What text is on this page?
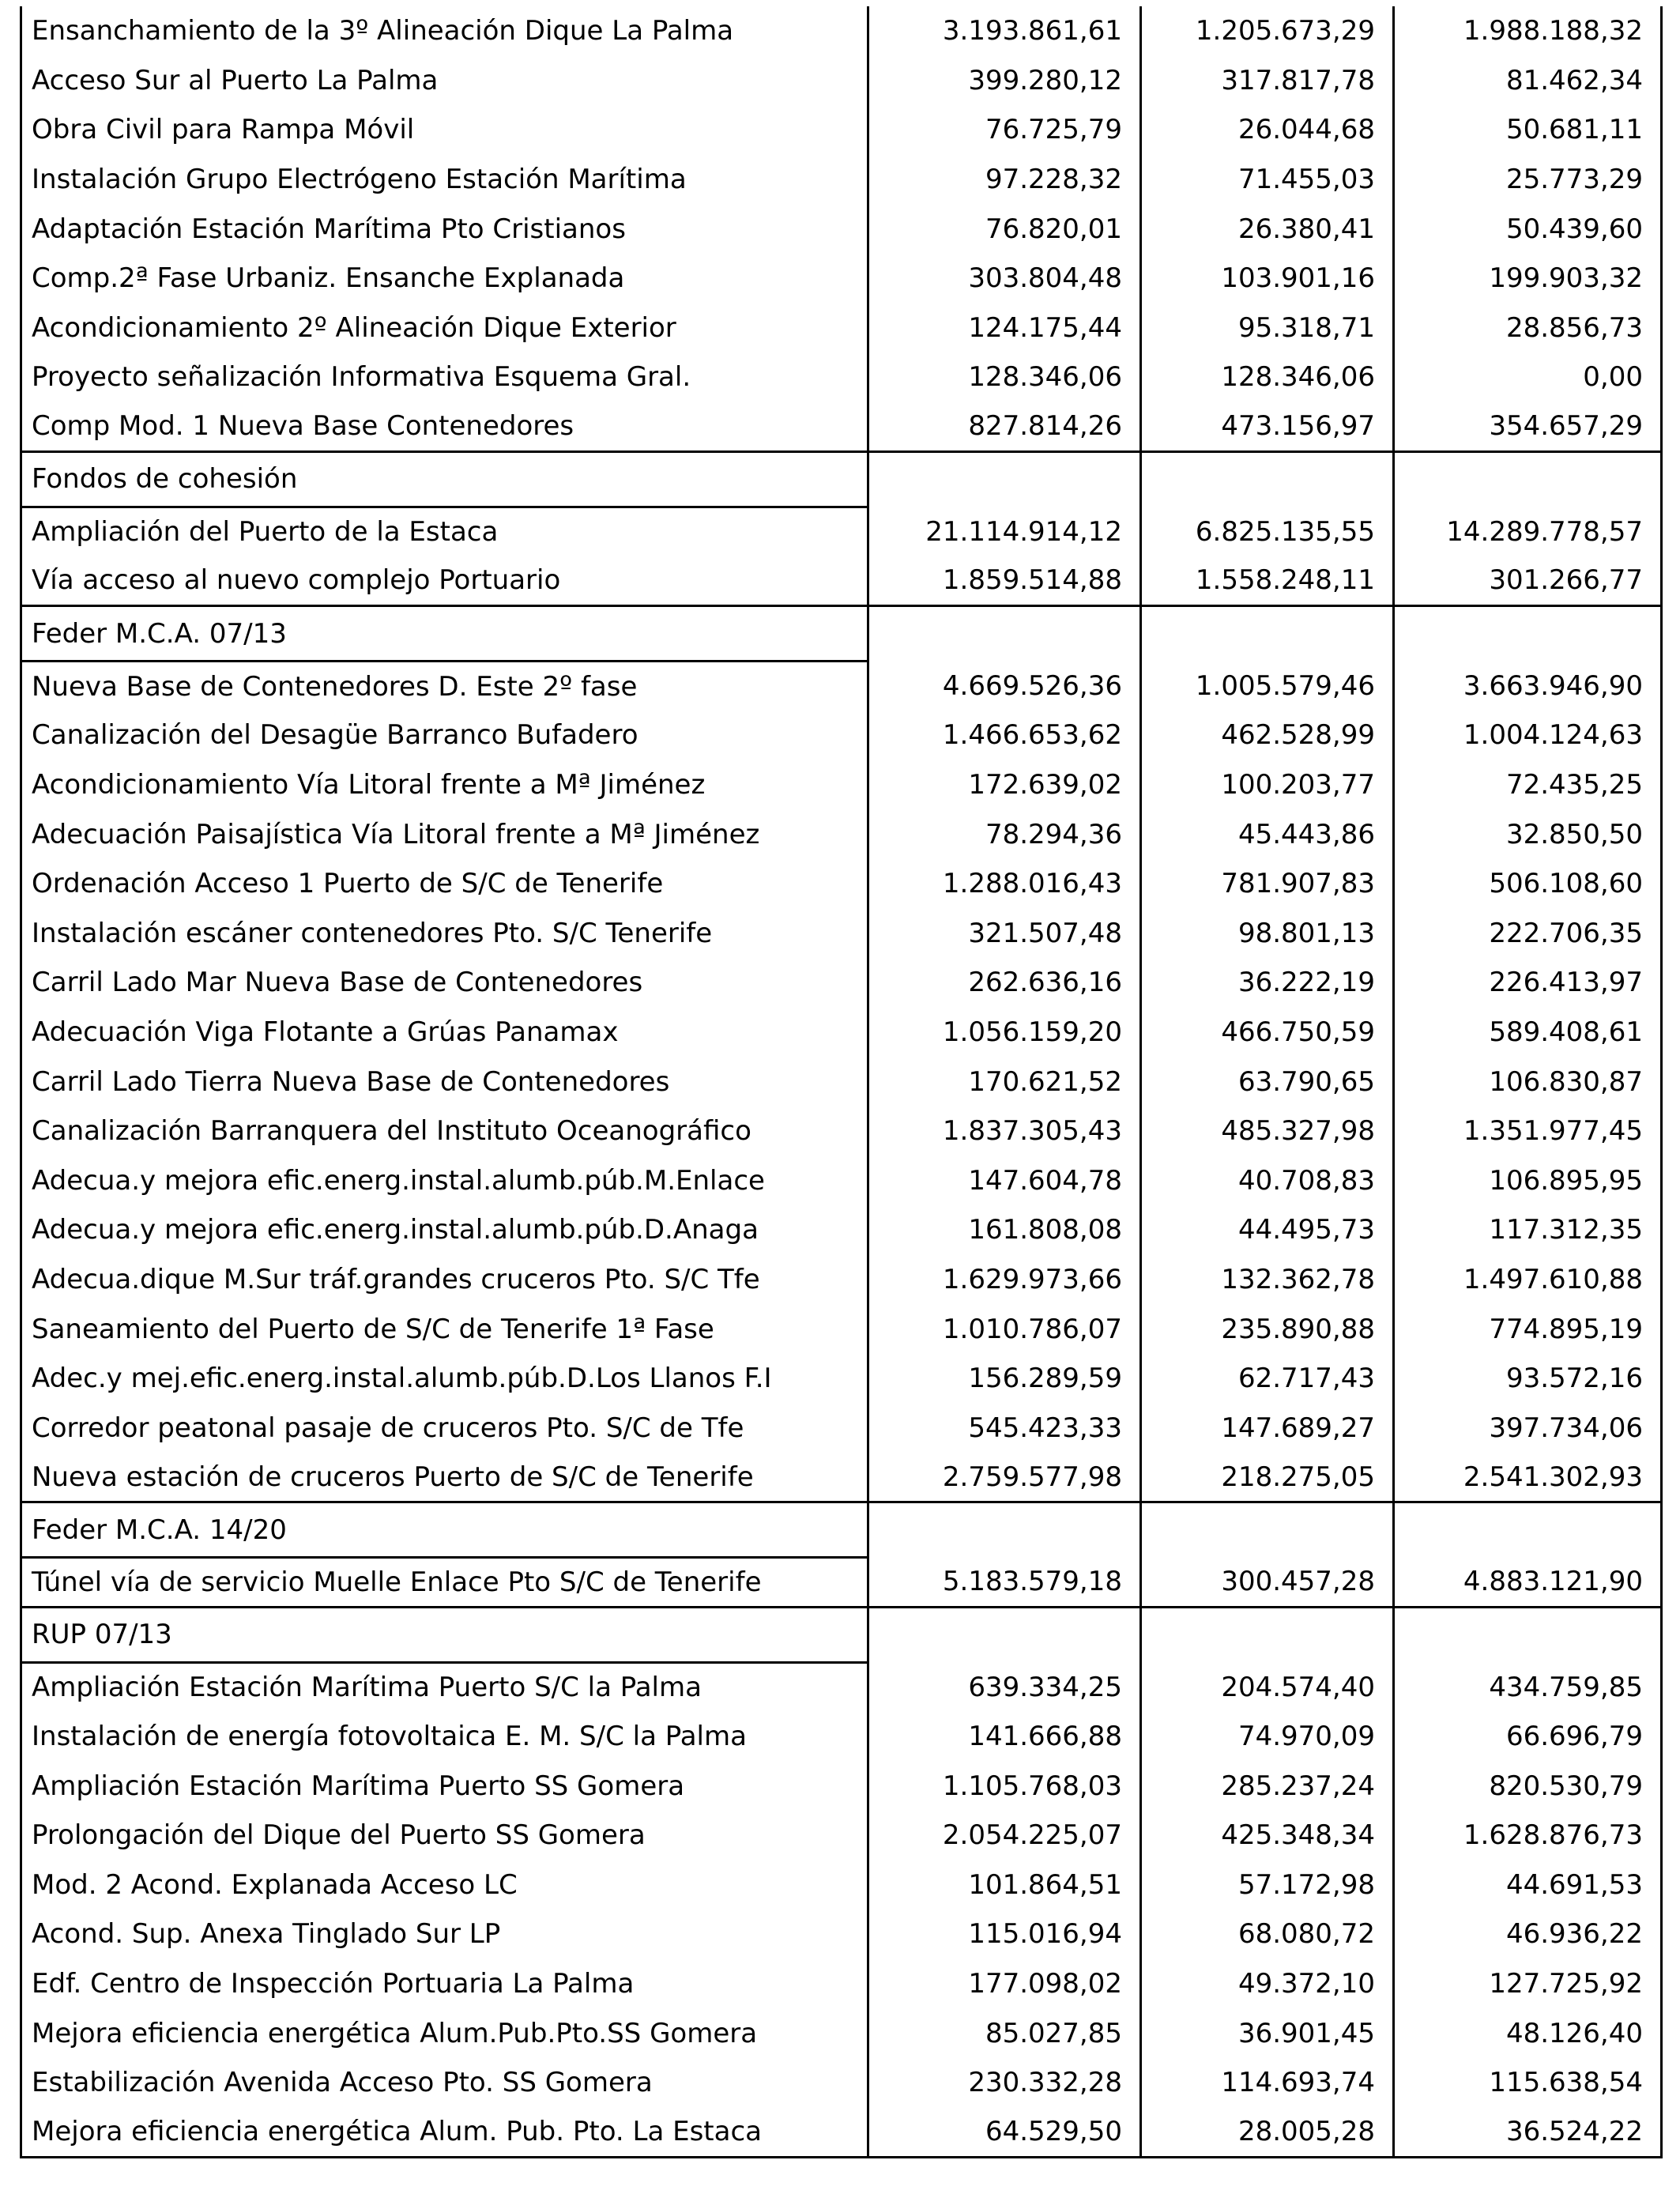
Ensanchamiento de la 3º Alineación Dique La Palma	3.193.861,61	1.205.673,29	1.988.188,32
Acceso Sur al Puerto La Palma	399.280,12	317.817,78	81.462,34
Obra Civil para Rampa Móvil	76.725,79	26.044,68	50.681,11
Instalación Grupo Electrógeno Estación Marítima	97.228,32	71.455,03	25.773,29
Adaptación Estación Marítima Pto Cristianos	76.820,01	26.380,41	50.439,60
Comp.2ª Fase Urbaniz. Ensanche Explanada	303.804,48	103.901,16	199.903,32
Acondicionamiento 2º Alineación Dique Exterior	124.175,44	95.318,71	28.856,73
Proyecto señalización Informativa Esquema Gral.	128.346,06	128.346,06	0,00
Comp Mod. 1 Nueva Base Contenedores	827.814,26	473.156,97	354.657,29
Fondos de cohesión			
Ampliación del Puerto de la Estaca	21.114.914,12	6.825.135,55	14.289.778,57
Vía acceso al nuevo complejo Portuario	1.859.514,88	1.558.248,11	301.266,77
Feder M.C.A. 07/13			
Nueva Base de Contenedores D. Este 2º fase	4.669.526,36	1.005.579,46	3.663.946,90
Canalización del Desagüe Barranco Bufadero	1.466.653,62	462.528,99	1.004.124,63
Acondicionamiento Vía Litoral frente a Mª Jiménez	172.639,02	100.203,77	72.435,25
Adecuación Paisajística Vía Litoral frente a Mª Jiménez	78.294,36	45.443,86	32.850,50
Ordenación Acceso 1 Puerto de S/C de Tenerife	1.288.016,43	781.907,83	506.108,60
Instalación escáner contenedores Pto. S/C Tenerife	321.507,48	98.801,13	222.706,35
Carril Lado Mar Nueva Base de Contenedores	262.636,16	36.222,19	226.413,97
Adecuación Viga Flotante a Grúas Panamax	1.056.159,20	466.750,59	589.408,61
Carril Lado Tierra Nueva Base de Contenedores	170.621,52	63.790,65	106.830,87
Canalización Barranquera del Instituto Oceanográfico	1.837.305,43	485.327,98	1.351.977,45
Adecua.y mejora efic.energ.instal.alumb.púb.M.Enlace	147.604,78	40.708,83	106.895,95
Adecua.y mejora efic.energ.instal.alumb.púb.D.Anaga	161.808,08	44.495,73	117.312,35
Adecua.dique M.Sur tráf.grandes cruceros Pto. S/C Tfe	1.629.973,66	132.362,78	1.497.610,88
Saneamiento del Puerto de S/C de Tenerife 1ª Fase	1.010.786,07	235.890,88	774.895,19
Adec.y mej.efic.energ.instal.alumb.púb.D.Los Llanos F.I	156.289,59	62.717,43	93.572,16
Corredor peatonal pasaje de cruceros Pto. S/C de Tfe	545.423,33	147.689,27	397.734,06
Nueva estación de cruceros Puerto de S/C de Tenerife	2.759.577,98	218.275,05	2.541.302,93
Feder M.C.A. 14/20			
Túnel vía de servicio Muelle Enlace Pto S/C de Tenerife	5.183.579,18	300.457,28	4.883.121,90
RUP 07/13			
Ampliación Estación Marítima Puerto S/C la Palma	639.334,25	204.574,40	434.759,85
Instalación de energía fotovoltaica E. M. S/C la Palma	141.666,88	74.970,09	66.696,79
Ampliación Estación Marítima Puerto SS Gomera	1.105.768,03	285.237,24	820.530,79
Prolongación del Dique del Puerto SS Gomera	2.054.225,07	425.348,34	1.628.876,73
Mod. 2 Acond. Explanada Acceso LC	101.864,51	57.172,98	44.691,53
Acond. Sup. Anexa Tinglado Sur LP	115.016,94	68.080,72	46.936,22
Edf. Centro de Inspección Portuaria La Palma	177.098,02	49.372,10	127.725,92
Mejora eficiencia energética Alum.Pub.Pto.SS Gomera	85.027,85	36.901,45	48.126,40
Estabilización Avenida Acceso Pto. SS Gomera	230.332,28	114.693,74	115.638,54
Mejora eficiencia energética Alum. Pub. Pto. La Estaca	64.529,50	28.005,28	36.524,22
